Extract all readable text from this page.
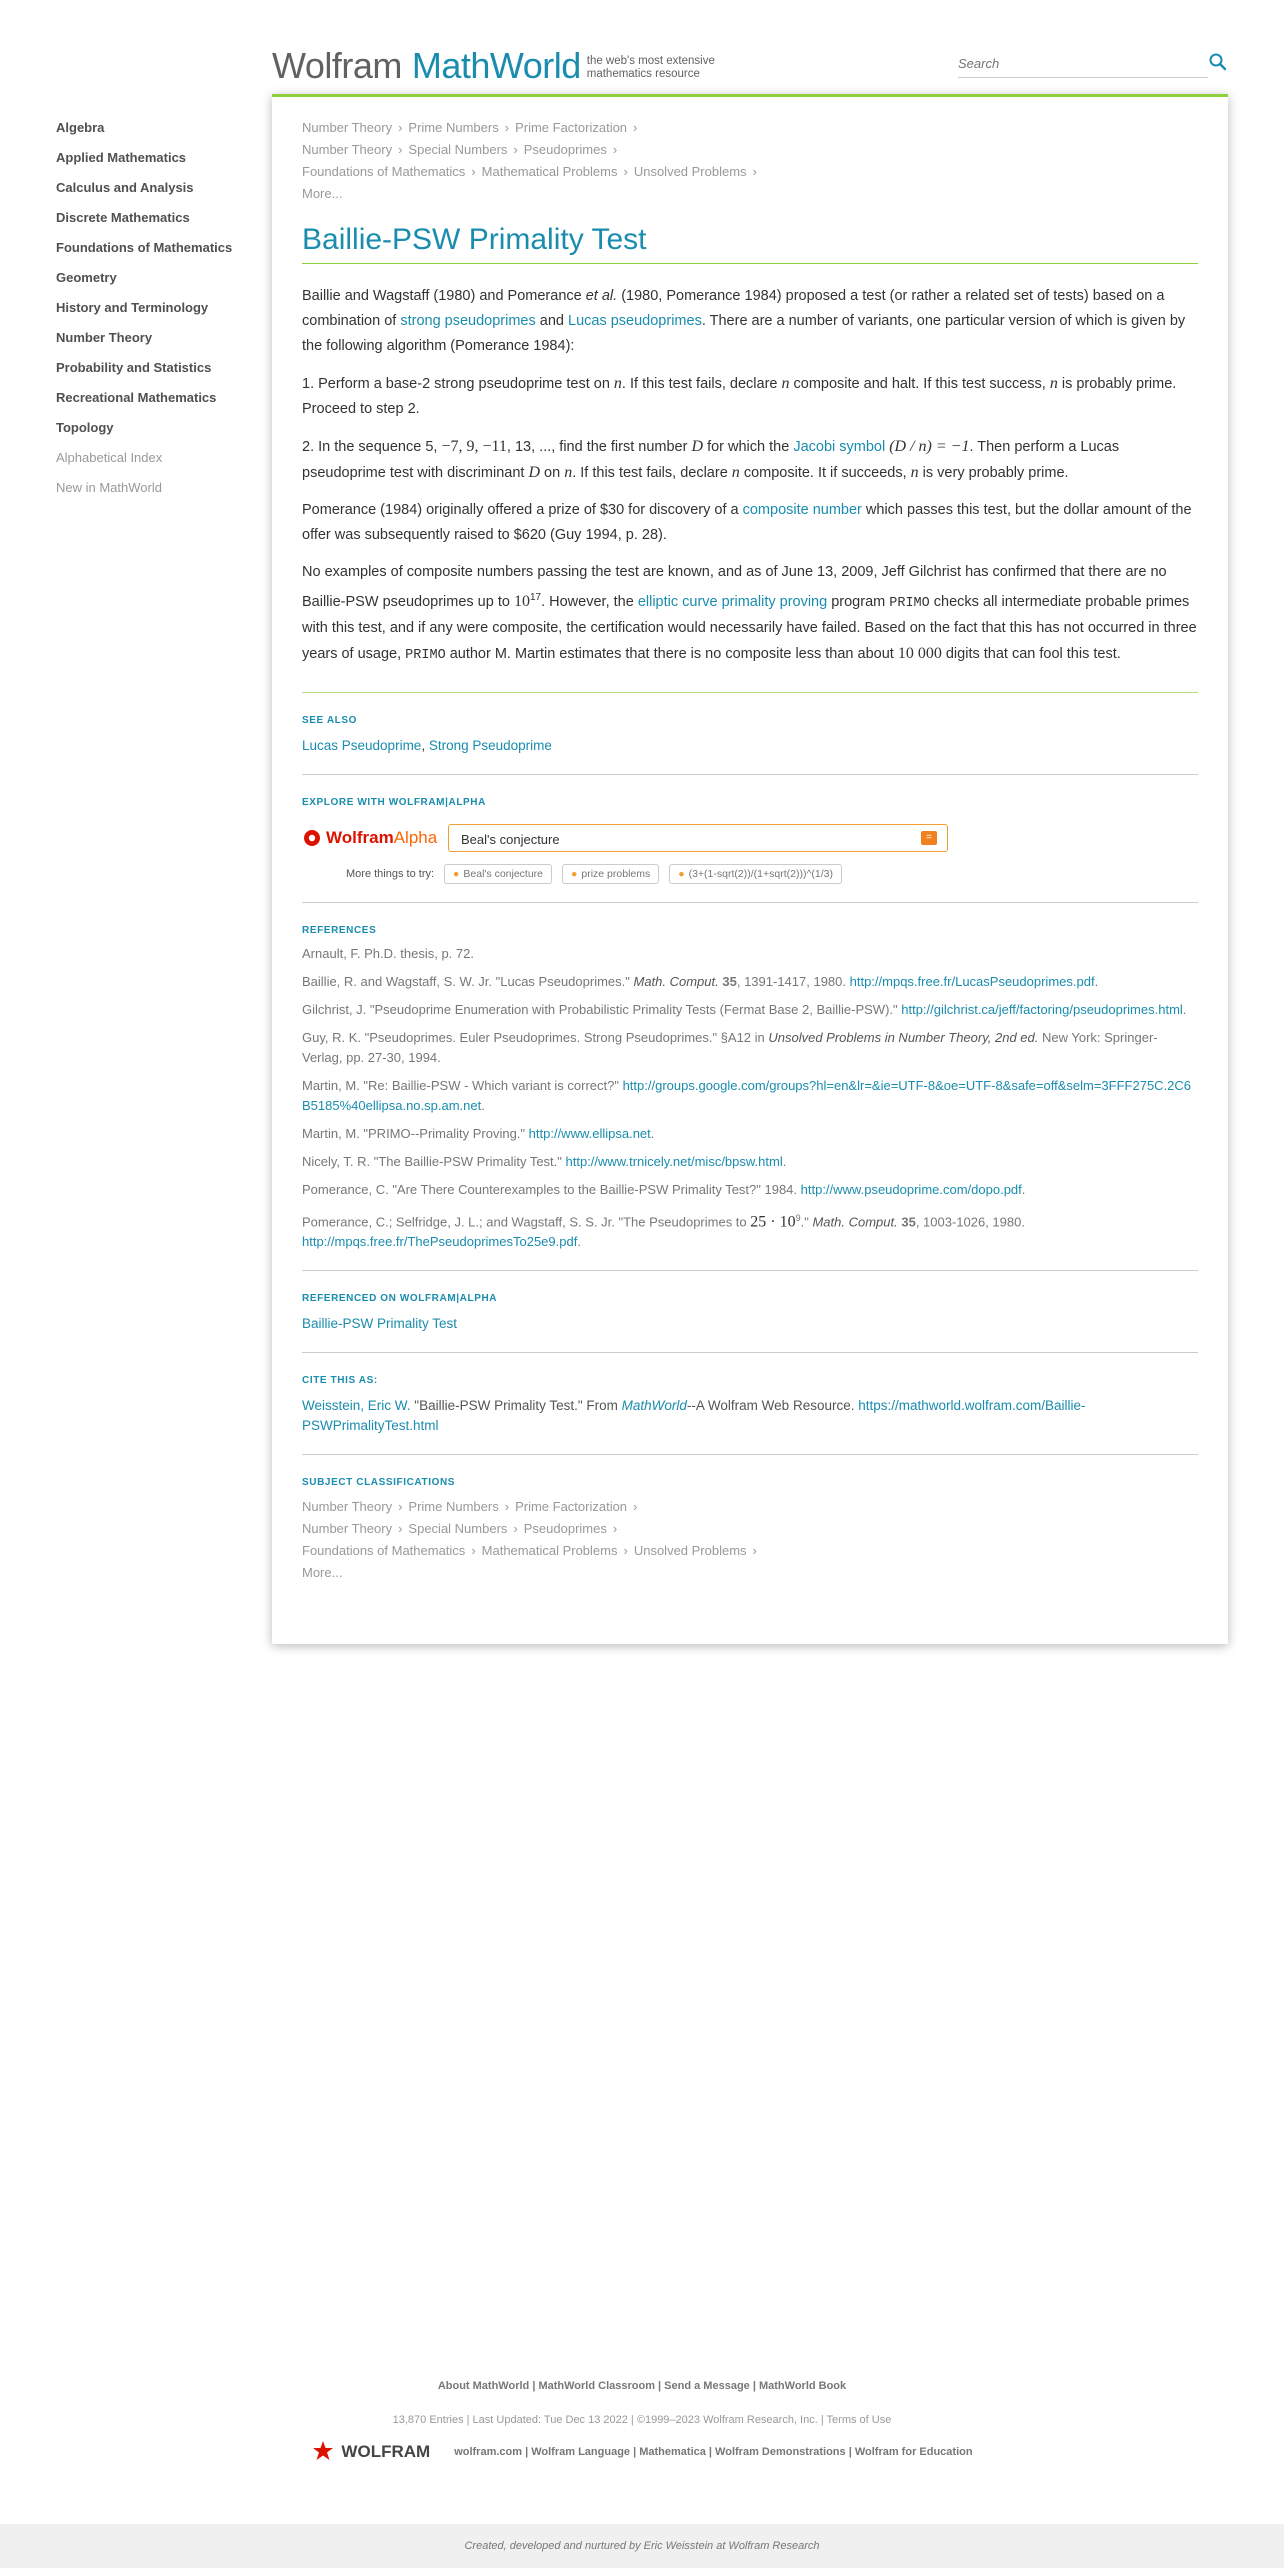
Wolfram MathWorld the web's most extensive
mathematics resource
Search
Algebra
Applied Mathematics
Calculus and Analysis
Discrete Mathematics
Foundations of Mathematics
Geometry
History and Terminology
Number Theory
Probability and Statistics
Recreational Mathematics
Topology
Alphabetical Index
New in MathWorld
Number Theory › Prime Numbers › Prime Factorization ›
Number Theory › Special Numbers › Pseudoprimes ›
Foundations of Mathematics › Mathematical Problems › Unsolved Problems ›
More...
Baillie-PSW Primality Test
Baillie and Wagstaff (1980) and Pomerance et al. (1980, Pomerance 1984) proposed a test (or rather a related set of tests) based on a combination of strong pseudoprimes and Lucas pseudoprimes. There are a number of variants, one particular version of which is given by the following algorithm (Pomerance 1984):
1. Perform a base-2 strong pseudoprime test on n. If this test fails, declare n composite and halt. If this test success, n is probably prime. Proceed to step 2.
2. In the sequence 5, −7, 9, −11, 13, ..., find the first number D for which the Jacobi symbol (D / n) = −1. Then perform a Lucas pseudoprime test with discriminant D on n. If this test fails, declare n composite. It if succeeds, n is very probably prime.
Pomerance (1984) originally offered a prize of $30 for discovery of a composite number which passes this test, but the dollar amount of the offer was subsequently raised to $620 (Guy 1994, p. 28).
No examples of composite numbers passing the test are known, and as of June 13, 2009, Jeff Gilchrist has confirmed that there are no Baillie-PSW pseudoprimes up to $10^{17}$. However, the elliptic curve primality proving program PRIMO checks all intermediate probable primes with this test, and if any were composite, the certification would necessarily have failed. Based on the fact that this has not occurred in three years of usage, PRIMO author M. Martin estimates that there is no composite less than about 10 000 digits that can fool this test.
SEE ALSO
Lucas Pseudoprime, Strong Pseudoprime
EXPLORE WITH WOLFRAM|ALPHA
Wolfram Alpha
Beal's conjecture	=
More things to try:	● Beal's conjecture	● prize problems	● (3+(1-sqrt(2))/(1+sqrt(2)))^(1/3)
REFERENCES
Arnault, F. Ph.D. thesis, p. 72.
Baillie, R. and Wagstaff, S. W. Jr. "Lucas Pseudoprimes." Math. Comput. 35, 1391-1417, 1980. http://mpqs.free.fr/LucasPseudoprimes.pdf.
Gilchrist, J. "Pseudoprime Enumeration with Probabilistic Primality Tests (Fermat Base 2, Baillie-PSW)." http://gilchrist.ca/jeff/factoring/pseudoprimes.html.
Guy, R. K. "Pseudoprimes. Euler Pseudoprimes. Strong Pseudoprimes." §A12 in Unsolved Problems in Number Theory, 2nd ed. New York: Springer-Verlag, pp. 27-30, 1994.
Martin, M. "Re: Baillie-PSW - Which variant is correct?" http://groups.google.com/groups?hl=en&lr=&ie=UTF-8&oe=UTF-8&safe=off&selm=3FFF275C.2C6B5185%40ellipsa.no.sp.am.net.
Martin, M. "PRIMO--Primality Proving." http://www.ellipsa.net.
Nicely, T. R. "The Baillie-PSW Primality Test." http://www.trnicely.net/misc/bpsw.html.
Pomerance, C. "Are There Counterexamples to the Baillie-PSW Primality Test?" 1984. http://www.pseudoprime.com/dopo.pdf.
Pomerance, C.; Selfridge, J. L.; and Wagstaff, S. S. Jr. "The Pseudoprimes to $25 \cdot 10^9$." Math. Comput. 35, 1003-1026, 1980.
http://mpqs.free.fr/ThePseudoprimesTo25e9.pdf.
REFERENCED ON WOLFRAM|ALPHA
Baillie-PSW Primality Test
CITE THIS AS:
Weisstein, Eric W. "Baillie-PSW Primality Test." From MathWorld--A Wolfram Web Resource. https://mathworld.wolfram.com/Baillie-PSWPrimalityTest.html
SUBJECT CLASSIFICATIONS
Number Theory › Prime Numbers › Prime Factorization ›
Number Theory › Special Numbers › Pseudoprimes ›
Foundations of Mathematics › Mathematical Problems › Unsolved Problems ›
More...
About MathWorld | MathWorld Classroom | Send a Message | MathWorld Book
13,870 Entries | Last Updated: Tue Dec 13 2022 | ©1999–2023 Wolfram Research, Inc. | Terms of Use
WOLFRAM wolfram.com | Wolfram Language | Mathematica | Wolfram Demonstrations | Wolfram for Education
Created, developed and nurtured by Eric Weisstein at Wolfram Research
